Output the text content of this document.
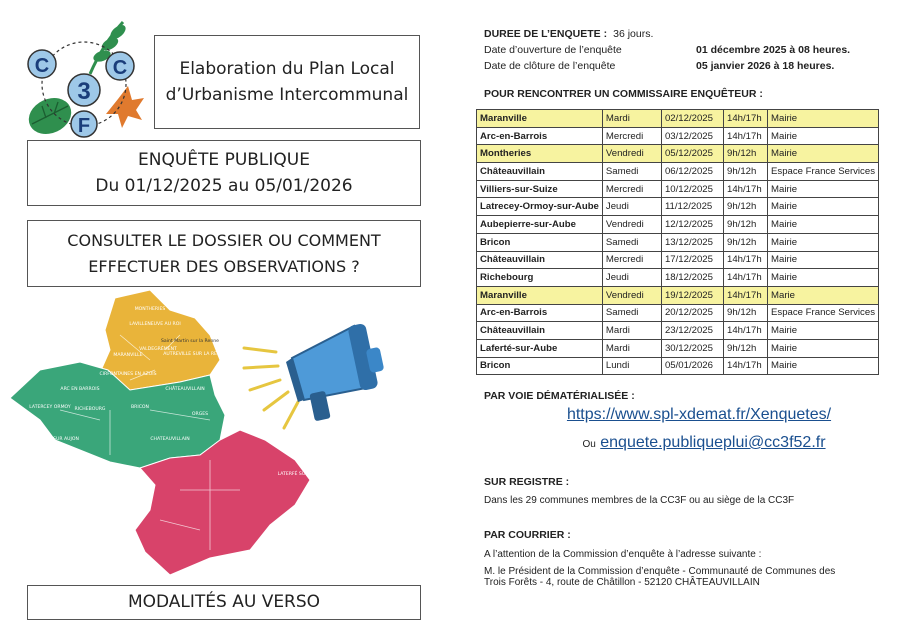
C
3
C
F
Elaboration du Plan Local
d’Urbanisme Intercommunal
ENQUÊTE PUBLIQUE
Du 01/12/2025 au 05/01/2026
CONSULTER LE DOSSIER OU COMMENT
EFFECTUER DES OBSERVATIONS ?
MONTHERIES
LAVILLENEUVE AU ROI
Saint Martin sur la Renne
MARANVILLE
VALDEGRÉMENT
AUTREVILLE SUR LA RENNE
CIRFONTAINES EN AZOIS
ARC EN BARROIS	CHÂTEAUVILLAIN
LATERCEY ORMOY RICHEBOURG
GIEY SUR AUJON
BRICON
ORGES
CHATEAUVILLAIN
LATERFÉ SUR AUBE
MODALITÉS AU VERSO
DUREE DE L’ENQUETE : 36 jours.
Date d’ouverture de l’enquête	01 décembre 2025 à 08 heures.
Date de clôture de l’enquête	05 janvier 2026 à 18 heures.
POUR RENCONTRER UN COMMISSAIRE ENQUÊTEUR :
Maranville	Mardi	02/12/2025	14h/17h	Mairie
Arc-en-Barrois	Mercredi	03/12/2025	14h/17h	Mairie
Montheries	Vendredi	05/12/2025	9h/12h	Mairie
Châteauvillain	Samedi	06/12/2025	9h/12h	Espace France Services
Villiers-sur-Suize	Mercredi	10/12/2025	14h/17h	Mairie
Latrecey-Ormoy-sur-Aube	Jeudi	11/12/2025	9h/12h	Mairie
Aubepierre-sur-Aube	Vendredi	12/12/2025	9h/12h	Mairie
Bricon	Samedi	13/12/2025	9h/12h	Mairie
Châteauvillain	Mercredi	17/12/2025	14h/17h	Mairie
Richebourg	Jeudi	18/12/2025	14h/17h	Mairie
Maranville	Vendredi	19/12/2025	14h/17h	Marie
Arc-en-Barrois	Samedi	20/12/2025	9h/12h	Espace France Services
Châteauvillain	Mardi	23/12/2025	14h/17h	Mairie
Laferté-sur-Aube	Mardi	30/12/2025	9h/12h	Mairie
Bricon	Lundi	05/01/2026	14h/17h	Mairie
PAR VOIE DÉMATÉRIALISÉE :
https://www.spl-xdemat.fr/Xenquetes/
Ou enquete.publiqueplui@cc3f52.fr
SUR REGISTRE :
Dans les 29 communes membres de la CC3F ou au siège de la CC3F
PAR COURRIER :
A l’attention de la Commission d’enquête à l’adresse suivante :
M. le Président de la Commission d’enquête - Communauté de Communes des
Trois Forêts - 4, route de Châtillon - 52120 CHÂTEAUVILLAIN
